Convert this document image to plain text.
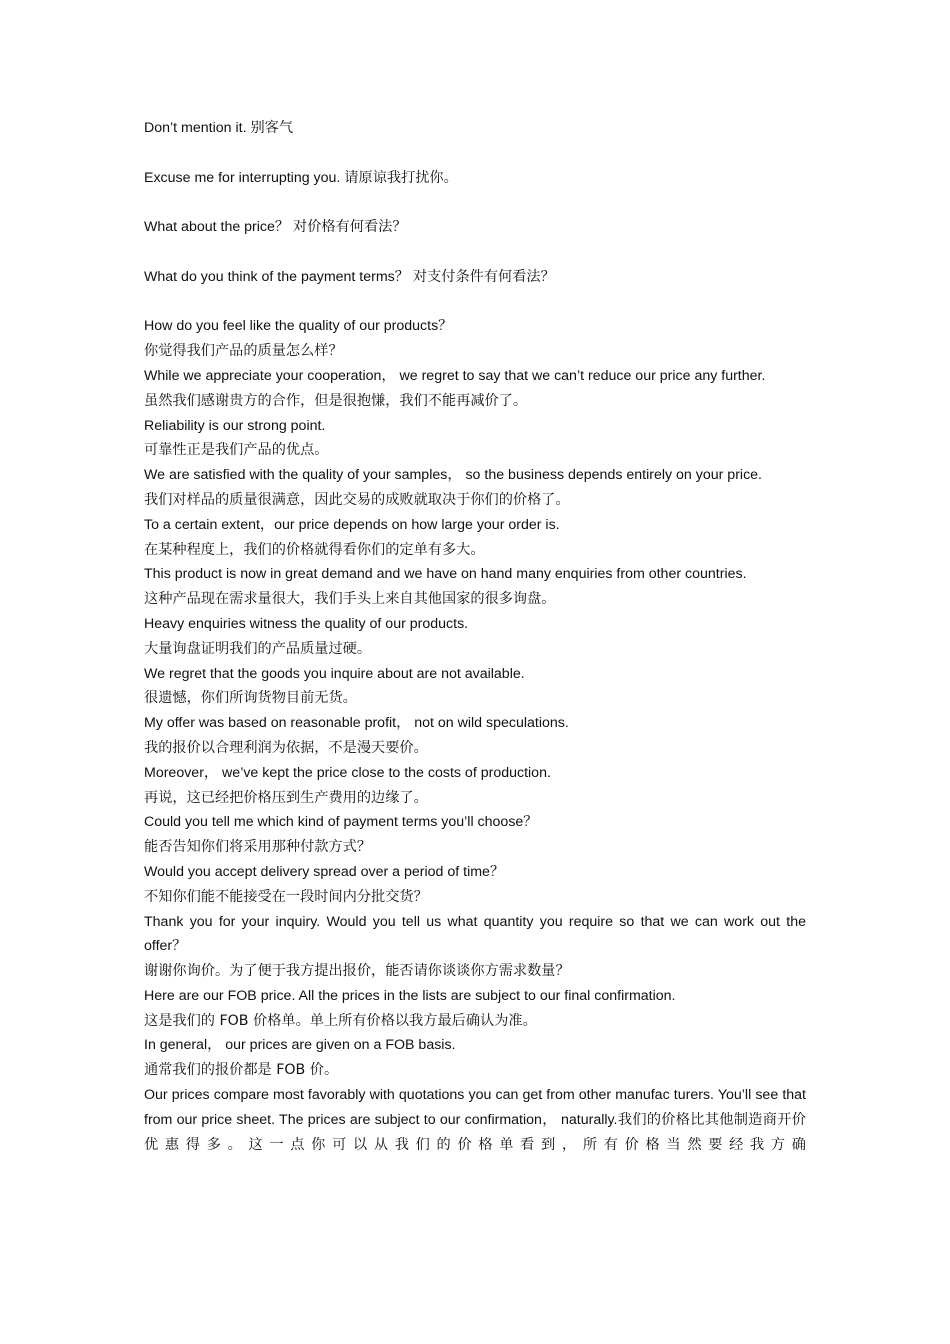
Don’t mention it. 别客气

Excuse me for interrupting you. 请原谅我打扰你。

What about the price？ 对价格有何看法？

What do you think of the payment terms？ 对支付条件有何看法？

How do you feel like the quality of our products？

你觉得我们产品的质量怎么样？

While we appreciate your cooperation， we regret to say that we can’t reduce our price any further.

虽然我们感谢贵方的合作，但是很抱慊，我们不能再减价了。

Reliability is our strong point.

可靠性正是我们产品的优点。

We are satisfied with the quality of your samples， so the business depends entirely on your price.

我们对样品的质量很满意，因此交易的成败就取决于你们的价格了。

To a certain extent，our price depends on how large your order is.

在某种程度上，我们的价格就得看你们的定单有多大。

This product is now in great demand and we have on hand many enquiries from other countries.

这种产品现在需求量很大，我们手头上来自其他国家的很多询盘。

Heavy enquiries witness the quality of our products.

大量询盘证明我们的产品质量过硬。

We regret that the goods you inquire about are not available.

很遗憾，你们所询货物目前无货。

My offer was based on reasonable profit， not on wild speculations.

我的报价以合理利润为依据，不是漫天要价。

Moreover， we’ve kept the price close to the costs of production.

再说，这已经把价格压到生产费用的边缘了。

Could you tell me which kind of payment terms you’ll choose？

能否告知你们将采用那种付款方式？

Would you accept delivery spread over a period of time？

不知你们能不能接受在一段时间内分批交货？

Thank you for your inquiry. Would you tell us what quantity you require so that we can work out the offer？

谢谢你询价。为了便于我方提出报价，能否请你谈谈你方需求数量？

Here are our FOB price. All the prices in the lists are subject to our final confirmation.

这是我们的 FOB 价格单。单上所有价格以我方最后确认为准。

In general， our prices are given on a FOB basis.

通常我们的报价都是 FOB 价。

Our prices compare most favorably with quotations you can get from other manufac turers. You’ll see that from our price sheet. The prices are subject to our confirmation， naturally.我们的价格比其他制造商开价优惠得多。这一点你可以从我们的价格单看到，所有价格当然要经我方确
